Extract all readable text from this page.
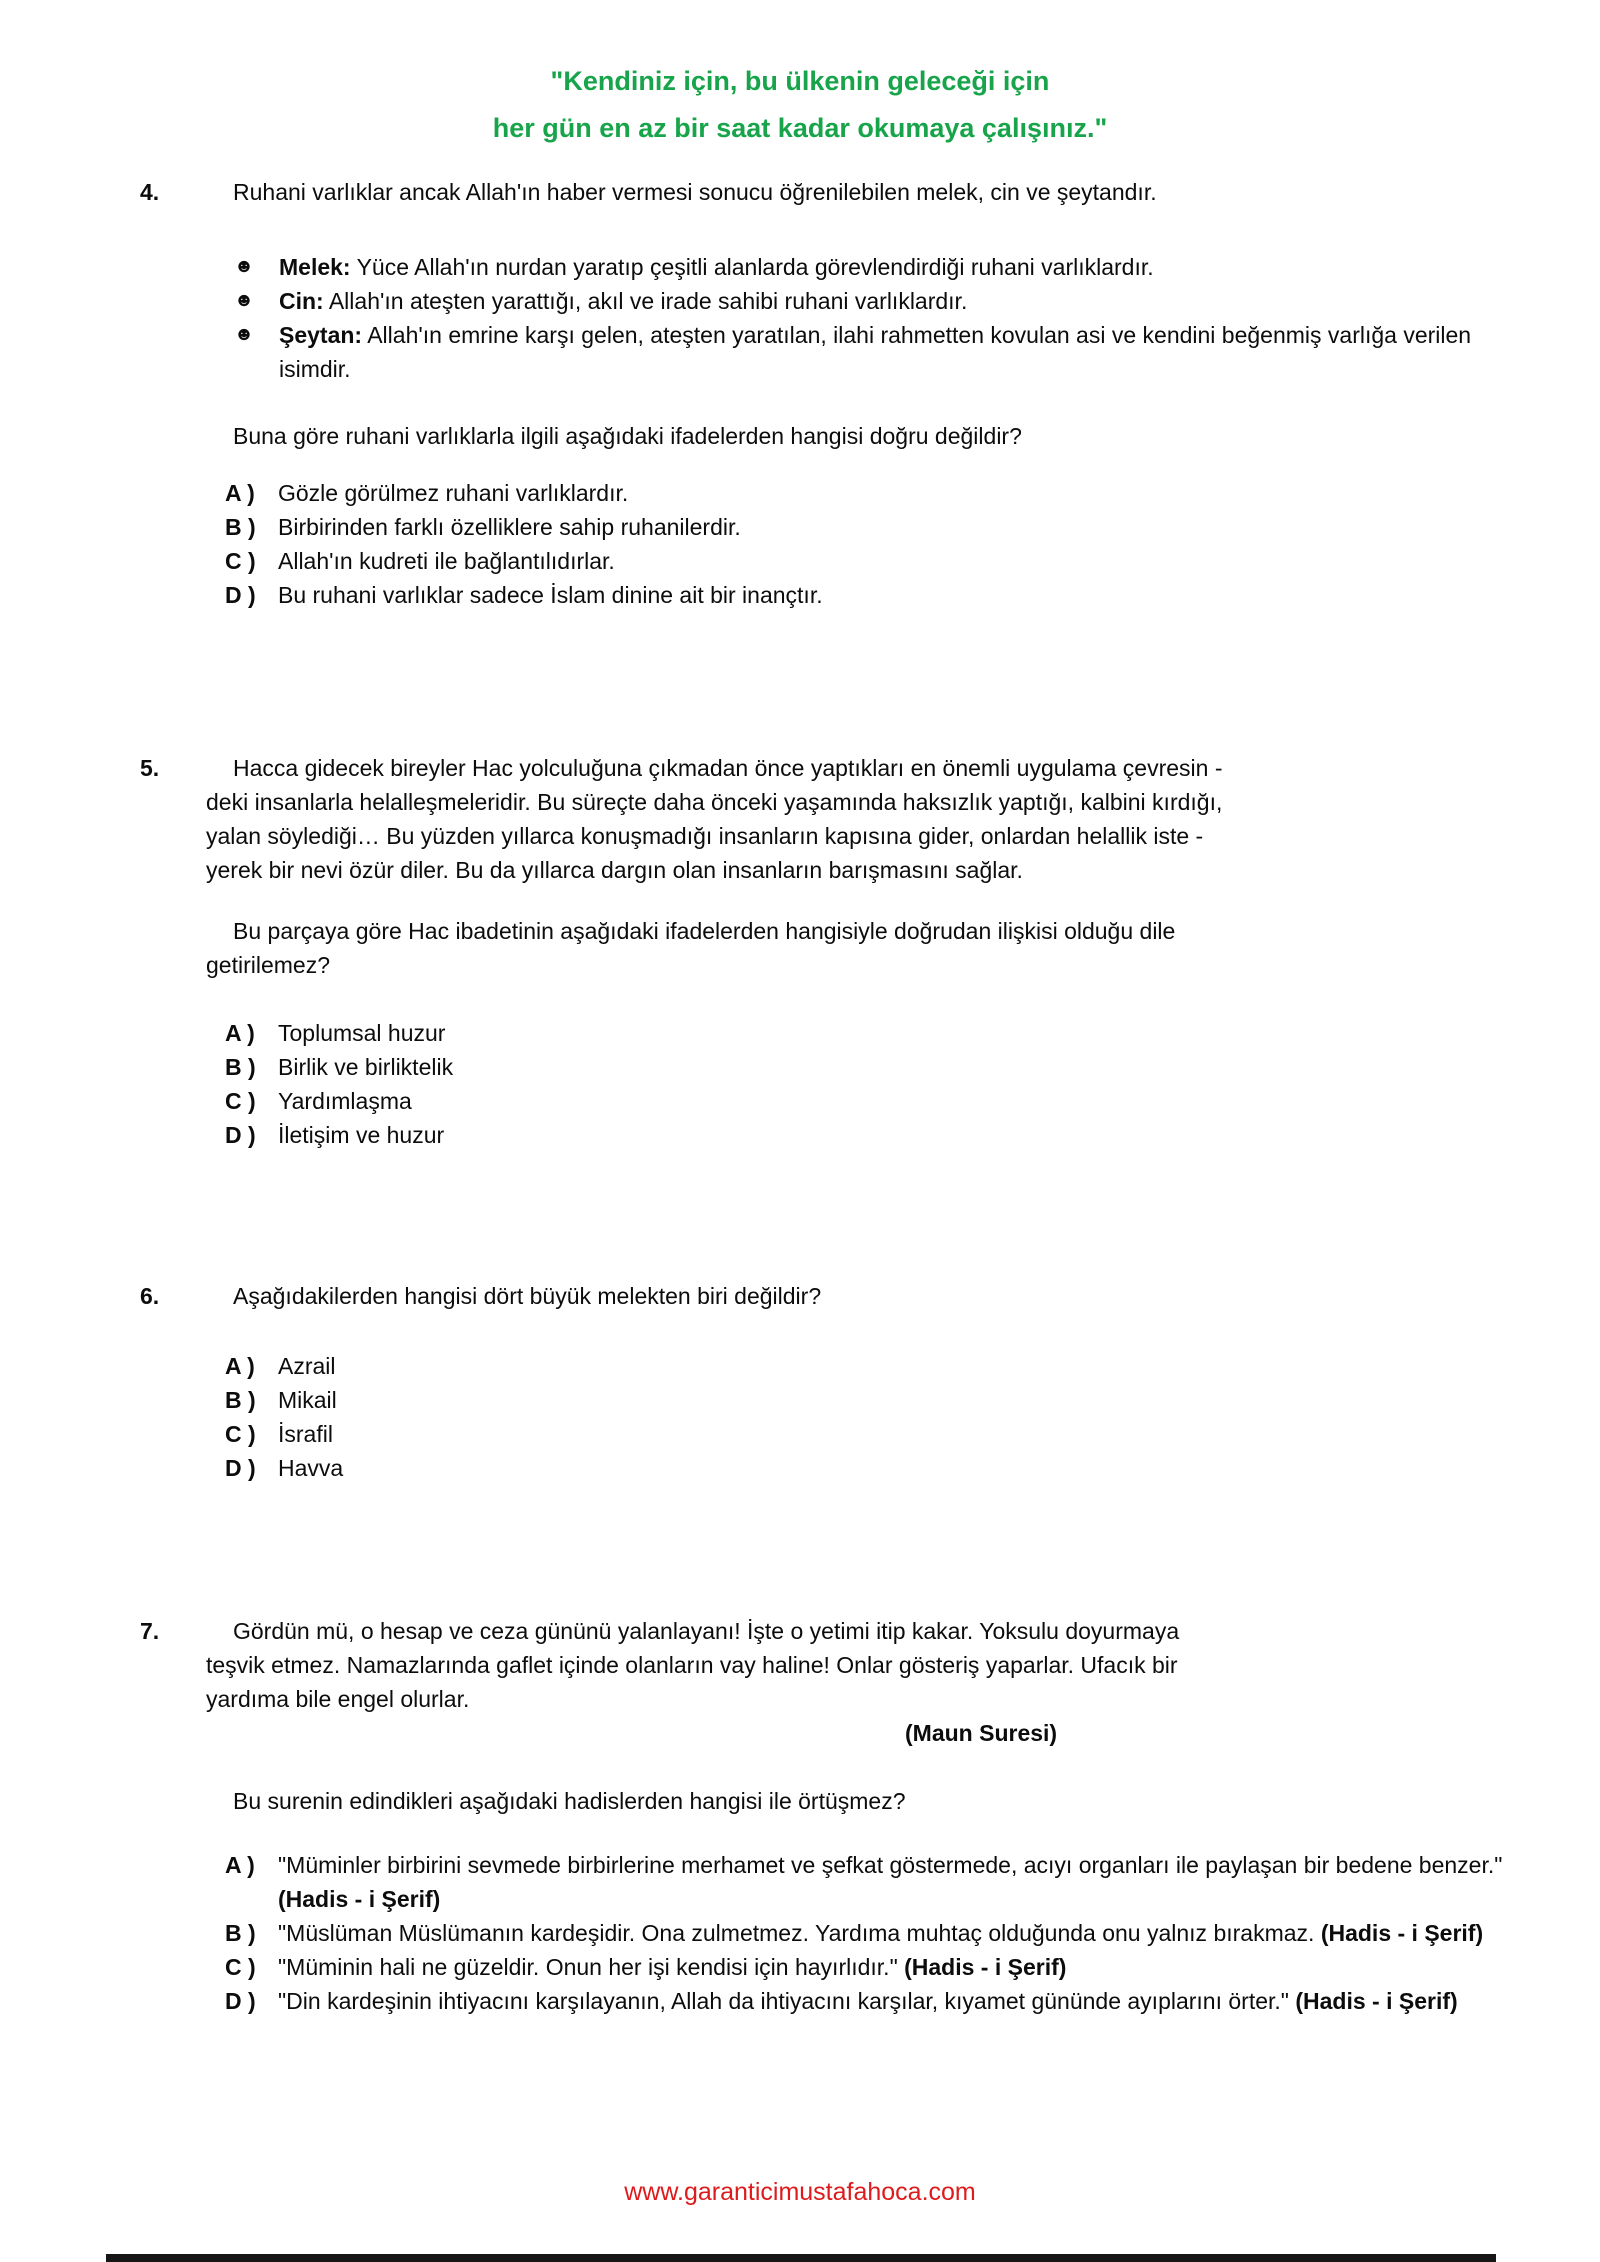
"Kendiniz için, bu ülkenin geleceği için
her gün en az bir saat kadar okumaya çalışınız."
4.	Ruhani varlıklar ancak Allah'ın haber vermesi sonucu öğrenilebilen melek, cin ve şeytandır.
☻	Melek: Yüce Allah'ın nurdan yaratıp çeşitli alanlarda görevlendirdiği ruhani varlıklardır.
☻	Cin: Allah'ın ateşten yarattığı, akıl ve irade sahibi ruhani varlıklardır.
☻	Şeytan: Allah'ın emrine karşı gelen, ateşten yaratılan, ilahi rahmetten kovulan asi ve kendini beğenmiş varlığa verilen isimdir.
Buna göre ruhani varlıklarla ilgili aşağıdaki ifadelerden hangisi doğru değildir?
A )	Gözle görülmez ruhani varlıklardır.
B ) Birbirinden farklı özelliklere sahip ruhanilerdir.
C ) Allah'ın kudreti ile bağlantılıdırlar.
D ) Bu ruhani varlıklar sadece İslam dinine ait bir inançtır.
5.	Hacca gidecek bireyler Hac yolculuğuna çıkmadan önce yaptıkları en önemli uygulama çevresin -
deki insanlarla helalleşmeleridir. Bu süreçte daha önceki yaşamında haksızlık yaptığı, kalbini kırdığı,
yalan söylediği… Bu yüzden yıllarca konuşmadığı insanların kapısına gider, onlardan helallik iste -
yerek bir nevi özür diler. Bu da yıllarca dargın olan insanların barışmasını sağlar.
Bu parçaya göre Hac ibadetinin aşağıdaki ifadelerden hangisiyle doğrudan ilişkisi olduğu dile
getirilemez?
A )	Toplumsal huzur
B ) Birlik ve birliktelik
C ) Yardımlaşma
D ) İletişim ve huzur
6.	Aşağıdakilerden hangisi dört büyük melekten biri değildir?
A )	Azrail
B ) Mikail
C ) İsrafil
D ) Havva
7.	Gördün mü, o hesap ve ceza gününü yalanlayanı! İşte o yetimi itip kakar. Yoksulu doyurmaya
teşvik etmez. Namazlarında gaflet içinde olanların vay haline! Onlar gösteriş yaparlar. Ufacık bir
yardıma bile engel olurlar.
(Maun Suresi)
Bu surenin edindikleri aşağıdaki hadislerden hangisi ile örtüşmez?
A )	"Müminler birbirini sevmede birbirlerine merhamet ve şefkat göstermede, acıyı organları ile paylaşan bir bedene benzer." (Hadis - i Şerif)
B ) "Müslüman Müslümanın kardeşidir. Ona zulmetmez. Yardıma muhtaç olduğunda onu yalnız bırakmaz. (Hadis - i Şerif)
C ) "Müminin hali ne güzeldir. Onun her işi kendisi için hayırlıdır." (Hadis - i Şerif)
D ) "Din kardeşinin ihtiyacını karşılayanın, Allah da ihtiyacını karşılar, kıyamet gününde ayıplarını örter." (Hadis - i Şerif)
www.garanticimustafahoca.com
